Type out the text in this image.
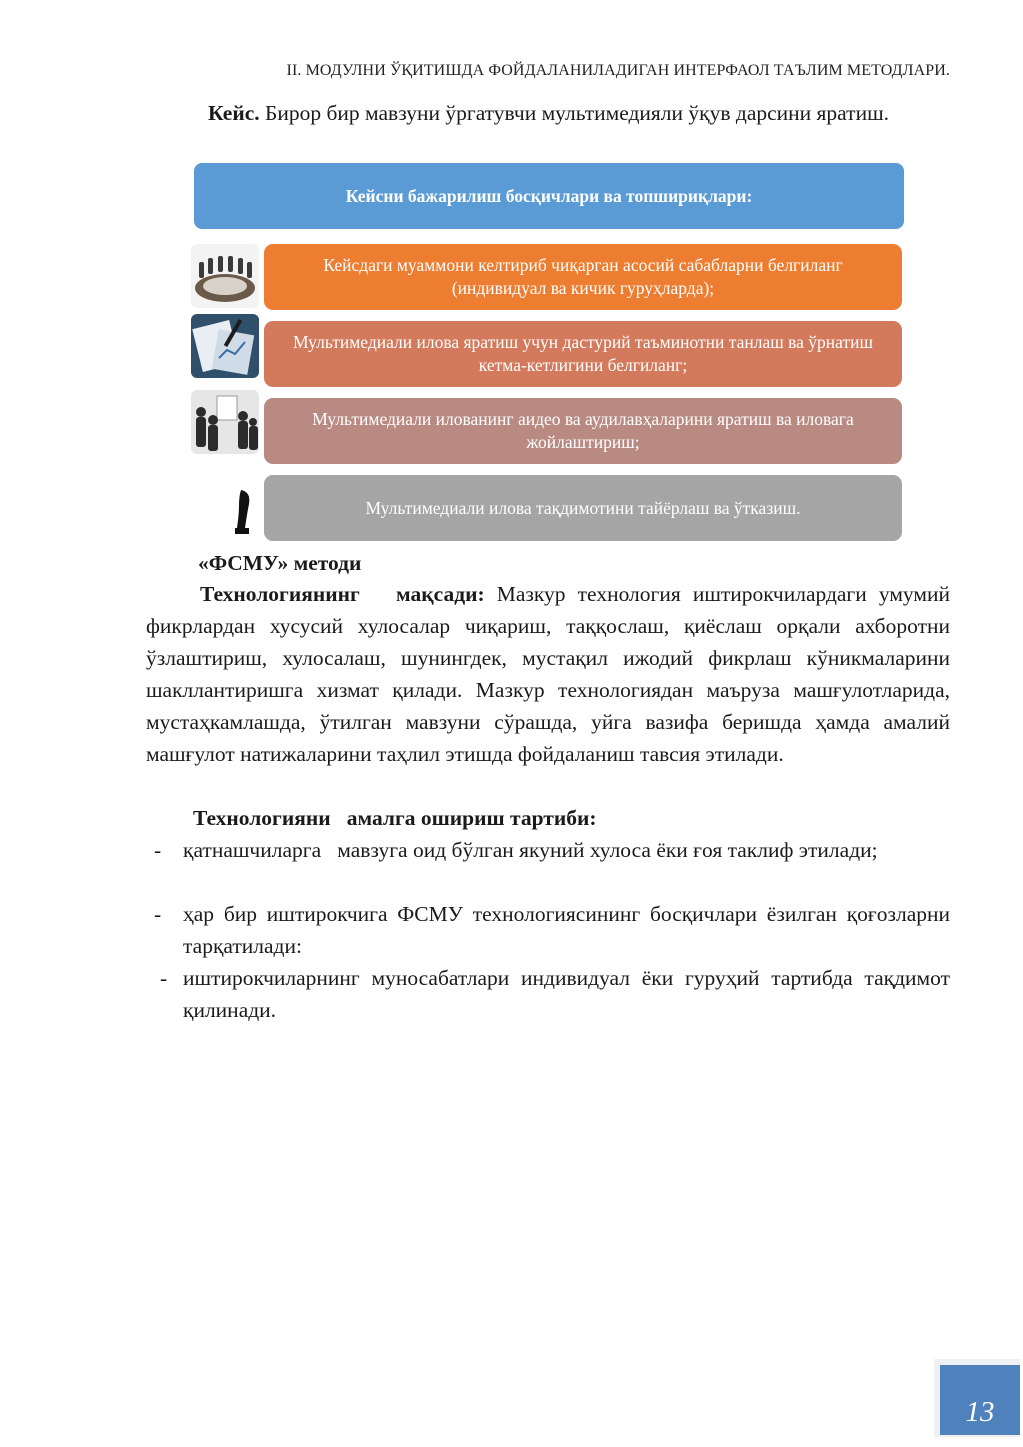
II. МОДУЛНИ ЎҚИТИШДА ФОЙДАЛАНИЛАДИГАН ИНТЕРФАОЛ ТАЪЛИМ МЕТОДЛАРИ.
Кейс. Бирор бир мавзуни ўргатувчи мультимедияли ўқув дарсини яратиш.
Кейсни бажарилиш босқичлари ва топшириқлари:
Кейсдаги муаммони келтириб чиқарган асосий сабабларни белгиланг (индивидуал ва кичик гуруҳларда);
Мультимедиали илова яратиш учун дастурий таъминотни танлаш ва ўрнатиш кетма-кетлигини белгиланг;
Мультимедиали илованинг аидео ва аудилавҳаларини яратиш ва иловага жойлаштириш;
Мультимедиали илова тақдимотини тайёрлаш ва ўтказиш.
«ФСМУ» методи
Технологиянинг   мақсади: Мазкур технология иштирокчилардаги умумий фикрлардан хусусий хулосалар чиқариш, таққослаш, қиёслаш орқали ахборотни ўзлаштириш, хулосалаш, шунингдек, мустақил ижодий фикрлаш кўникмаларини шакллантиришга хизмат қилади. Мазкур технологиядан маъруза машғулотларида, мустаҳкамлашда, ўтилган мавзуни сўрашда, уйга вазифа беришда ҳамда амалий машғулот натижаларини таҳлил этишда фойдаланиш тавсия этилади.
Технологияни   амалга ошириш тартиби:
- қатнашчиларга   мавзуга оид бўлган якуний хулоса ёки ғоя таклиф этилади;
- ҳар бир иштирокчига ФСМУ технологиясининг босқичлари ёзилган қоғозларни тарқатилади:
- иштирокчиларнинг муносабатлари индивидуал ёки гуруҳий тартибда тақдимот қилинади.
13
